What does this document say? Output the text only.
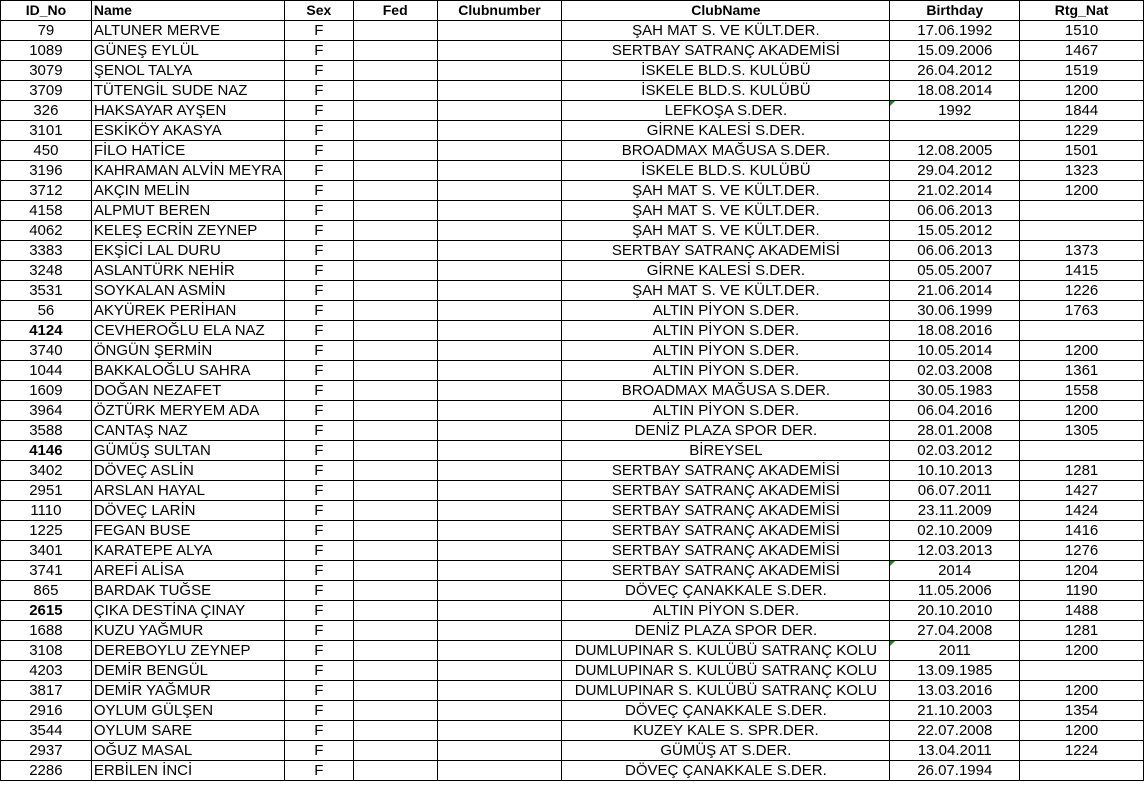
ID_No	Name	Sex	Fed	Clubnumber	ClubName	Birthday	Rtg_Nat
79	ALTUNER MERVE	F			ŞAH MAT S. VE KÜLT.DER.	17.06.1992	1510
1089	GÜNEŞ EYLÜL	F			SERTBAY SATRANÇ AKADEMİSİ	15.09.2006	1467
3079	ŞENOL TALYA	F			İSKELE BLD.S. KULÜBÜ	26.04.2012	1519
3709	TÜTENGİL SUDE NAZ	F			İSKELE BLD.S. KULÜBÜ	18.08.2014	1200
326	HAKSAYAR AYŞEN	F			LEFKOŞA S.DER.	1992	1844
3101	ESKİKÖY AKASYA	F			GİRNE KALESİ S.DER.		1229
450	FİLO HATİCE	F			BROADMAX MAĞUSA S.DER.	12.08.2005	1501
3196	KAHRAMAN ALVİN MEYRA	F			İSKELE BLD.S. KULÜBÜ	29.04.2012	1323
3712	AKÇIN MELİN	F			ŞAH MAT S. VE KÜLT.DER.	21.02.2014	1200
4158	ALPMUT BEREN	F			ŞAH MAT S. VE KÜLT.DER.	06.06.2013	
4062	KELEŞ ECRİN ZEYNEP	F			ŞAH MAT S. VE KÜLT.DER.	15.05.2012	
3383	EKŞİCİ LAL DURU	F			SERTBAY SATRANÇ AKADEMİSİ	06.06.2013	1373
3248	ASLANTÜRK NEHİR	F			GİRNE KALESİ S.DER.	05.05.2007	1415
3531	SOYKALAN ASMİN	F			ŞAH MAT S. VE KÜLT.DER.	21.06.2014	1226
56	AKYÜREK PERİHAN	F			ALTIN PİYON S.DER.	30.06.1999	1763
4124	CEVHEROĞLU ELA NAZ	F			ALTIN PİYON S.DER.	18.08.2016	
3740	ÖNGÜN ŞERMİN	F			ALTIN PİYON S.DER.	10.05.2014	1200
1044	BAKKALOĞLU SAHRA	F			ALTIN PİYON S.DER.	02.03.2008	1361
1609	DOĞAN NEZAFET	F			BROADMAX MAĞUSA S.DER.	30.05.1983	1558
3964	ÖZTÜRK MERYEM ADA	F			ALTIN PİYON S.DER.	06.04.2016	1200
3588	CANTAŞ NAZ	F			DENİZ PLAZA SPOR DER.	28.01.2008	1305
4146	GÜMÜŞ SULTAN	F			BİREYSEL	02.03.2012	
3402	DÖVEÇ ASLİN	F			SERTBAY SATRANÇ AKADEMİSİ	10.10.2013	1281
2951	ARSLAN HAYAL	F			SERTBAY SATRANÇ AKADEMİSİ	06.07.2011	1427
1110	DÖVEÇ LARİN	F			SERTBAY SATRANÇ AKADEMİSİ	23.11.2009	1424
1225	FEGAN BUSE	F			SERTBAY SATRANÇ AKADEMİSİ	02.10.2009	1416
3401	KARATEPE ALYA	F			SERTBAY SATRANÇ AKADEMİSİ	12.03.2013	1276
3741	AREFİ ALİSA	F			SERTBAY SATRANÇ AKADEMİSİ	2014	1204
865	BARDAK TUĞSE	F			DÖVEÇ ÇANAKKALE S.DER.	11.05.2006	1190
2615	ÇIKA DESTİNA ÇINAY	F			ALTIN PİYON S.DER.	20.10.2010	1488
1688	KUZU YAĞMUR	F			DENİZ PLAZA SPOR DER.	27.04.2008	1281
3108	DEREBOYLU ZEYNEP	F			DUMLUPINAR S. KULÜBÜ SATRANÇ KOLU	2011	1200
4203	DEMİR BENGÜL	F			DUMLUPINAR S. KULÜBÜ SATRANÇ KOLU	13.09.1985	
3817	DEMİR YAĞMUR	F			DUMLUPINAR S. KULÜBÜ SATRANÇ KOLU	13.03.2016	1200
2916	OYLUM GÜLŞEN	F			DÖVEÇ ÇANAKKALE S.DER.	21.10.2003	1354
3544	OYLUM SARE	F			KUZEY KALE S. SPR.DER.	22.07.2008	1200
2937	OĞUZ MASAL	F			GÜMÜŞ AT S.DER.	13.04.2011	1224
2286	ERBİLEN İNCİ	F			DÖVEÇ ÇANAKKALE S.DER.	26.07.1994	
